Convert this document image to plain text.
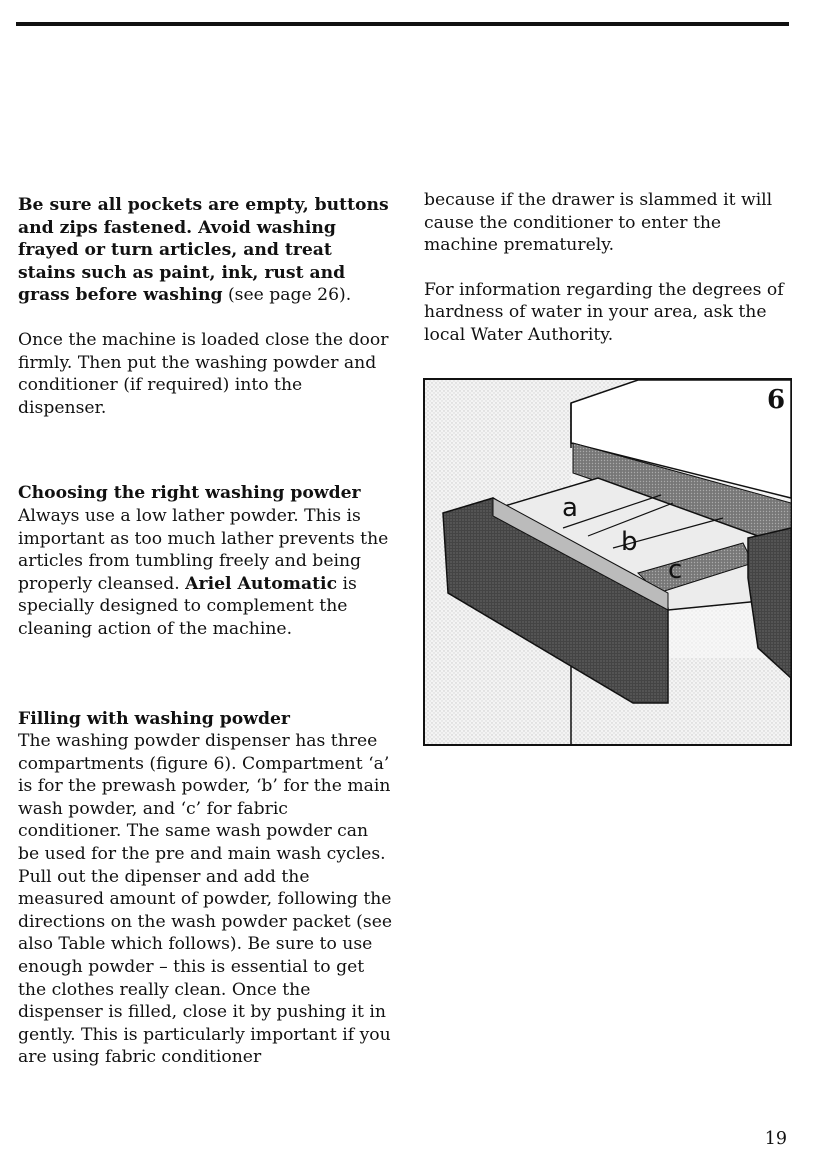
Be sure all pockets are empty, buttons and zips fastened. Avoid washing frayed or turn articles, and treat stains such as paint, ink, rust and grass before washing (see page 26).

Once the machine is loaded close the door firmly. Then put the washing powder and conditioner (if required) into the dispenser.

Choosing the right washing powder
Always use a low lather powder. This is important as too much lather prevents the articles from tumbling freely and being properly cleansed. Ariel Automatic is specially designed to complement the cleaning action of the machine.

Filling with washing powder
The washing powder dispenser has three compartments (figure 6). Compartment ‘a’ is for the prewash powder, ‘b’ for the main wash powder, and ‘c’ for fabric conditioner. The same wash powder can be used for the pre and main wash cycles. Pull out the dipenser and add the measured amount of powder, following the directions on the wash powder packet (see also Table which follows). Be sure to use enough powder – this is essential to get the clothes really clean. Once the dispenser is filled, close it by pushing it in gently. This is particularly important if you are using fabric conditioner

because if the drawer is slammed it will cause the conditioner to enter the machine prematurely.

For information regarding the degrees of hardness of water in your area, ask the local Water Authority.

a
b
c
6
19
